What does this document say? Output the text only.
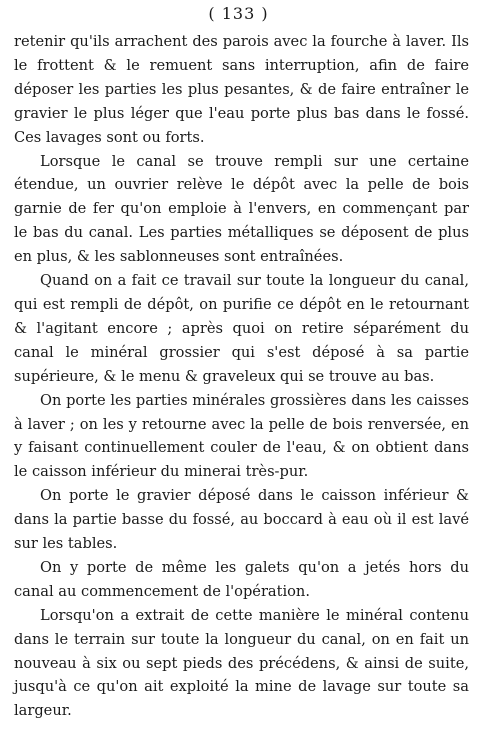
( 133 )

retenir qu'ils arrachent des parois avec la fourche à laver. Ils le frottent & le remuent sans interruption, afin de faire déposer les parties les plus pesantes, & de faire entraîner le gravier le plus léger que l'eau porte plus bas dans le fossé. Ces lavages sont ou forts.

Lorsque le canal se trouve rempli sur une certaine étendue, un ouvrier relève le dépôt avec la pelle de bois garnie de fer qu'on emploie à l'envers, en commençant par le bas du canal. Les parties métalliques se déposent de plus en plus, & les sablonneuses sont entraînées.

Quand on a fait ce travail sur toute la longueur du canal, qui est rempli de dépôt, on purifie ce dépôt en le retournant & l'agitant encore ; après quoi on retire séparément du canal le minéral grossier qui s'est déposé à sa partie supérieure, & le menu & graveleux qui se trouve au bas.

On porte les parties minérales grossières dans les caisses à laver ; on les y retourne avec la pelle de bois renversée, en y faisant continuellement couler de l'eau, & on obtient dans le caisson inférieur du minerai très-pur.

On porte le gravier déposé dans le caisson inférieur & dans la partie basse du fossé, au boccard à eau où il est lavé sur les tables.

On y porte de même les galets qu'on a jetés hors du canal au commencement de l'opération.

Lorsqu'on a extrait de cette manière le minéral contenu dans le terrain sur toute la longueur du canal, on en fait un nouveau à six ou sept pieds des précédens, & ainsi de suite, jusqu'à ce qu'on ait exploité la mine de lavage sur toute sa largeur.
